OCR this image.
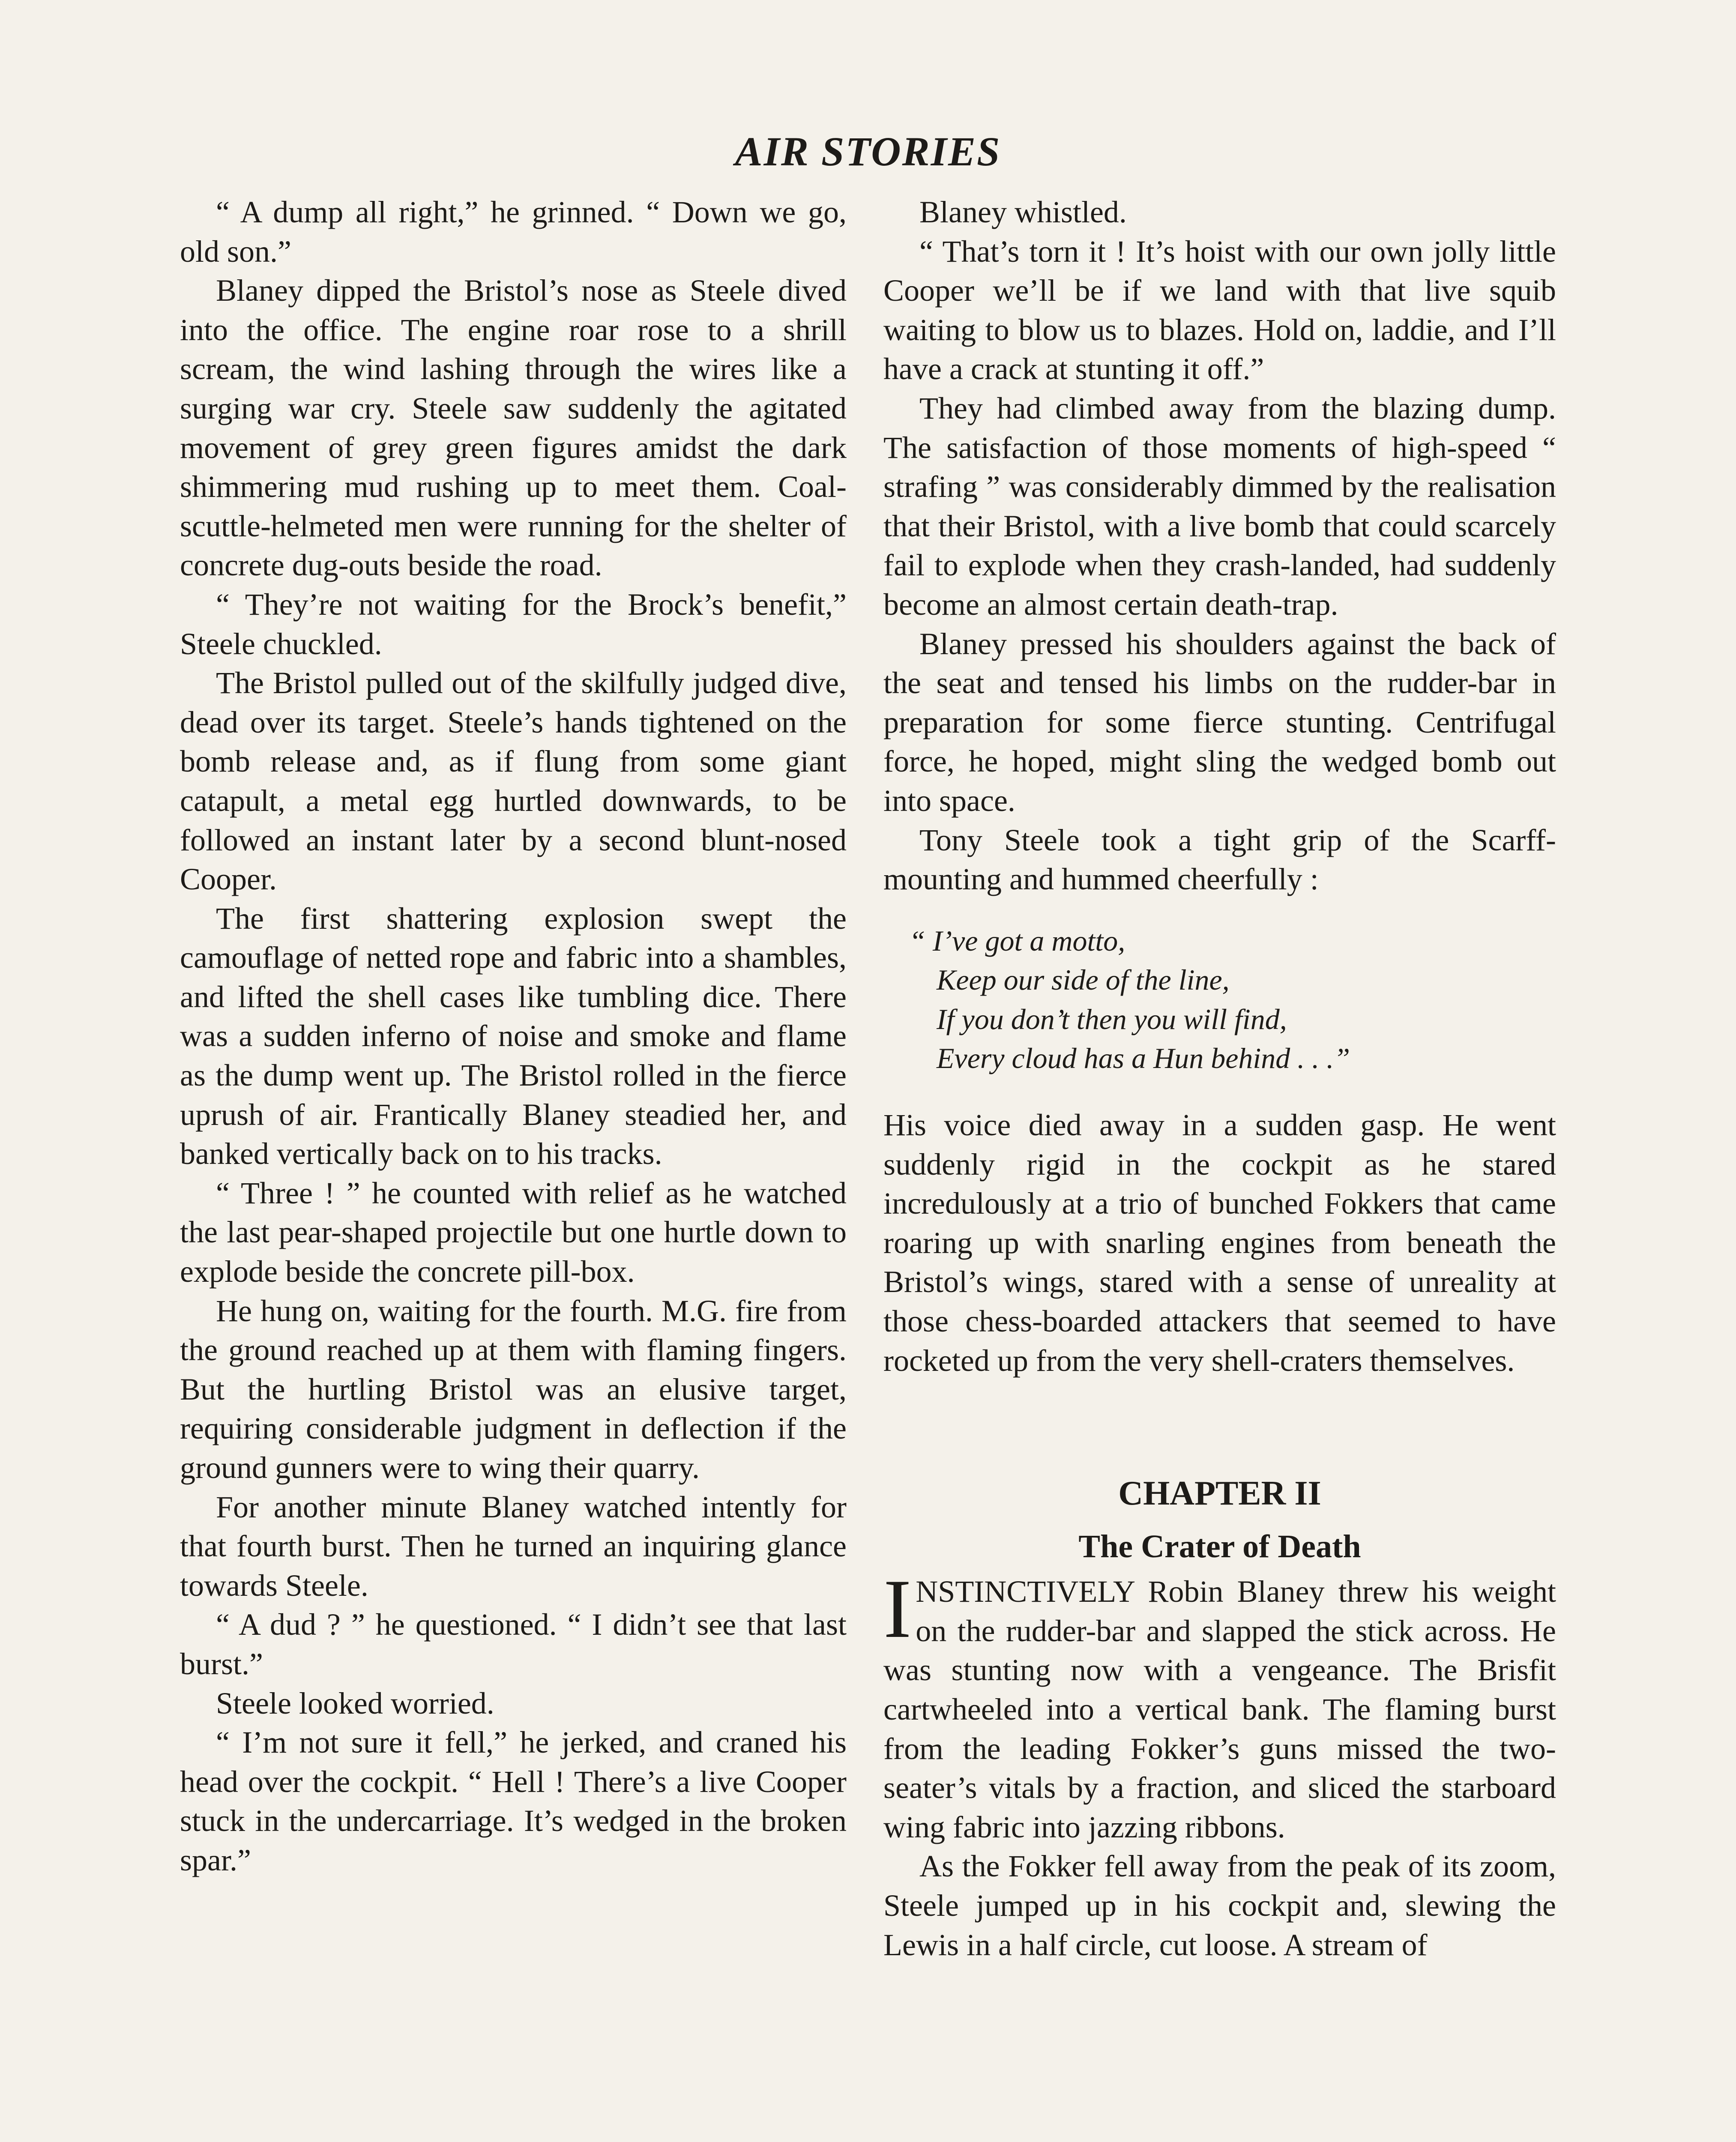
AIR STORIES

“ A dump all right,” he grinned. “ Down we go, old son.”

Blaney dipped the Bristol’s nose as Steele dived into the office. The engine roar rose to a shrill scream, the wind lashing through the wires like a surging war cry. Steele saw suddenly the agitated movement of grey green figures amidst the dark shimmering mud rushing up to meet them. Coal-scuttle-helmeted men were running for the shelter of concrete dug-outs beside the road.

“ They’re not waiting for the Brock’s benefit,” Steele chuckled.

The Bristol pulled out of the skilfully judged dive, dead over its target. Steele’s hands tightened on the bomb release and, as if flung from some giant catapult, a metal egg hurtled downwards, to be followed an instant later by a second blunt-nosed Cooper.

The first shattering explosion swept the camouflage of netted rope and fabric into a shambles, and lifted the shell cases like tumbling dice. There was a sudden inferno of noise and smoke and flame as the dump went up. The Bristol rolled in the fierce uprush of air. Frantically Blaney steadied her, and banked vertically back on to his tracks.

“ Three ! ” he counted with relief as he watched the last pear-shaped projectile but one hurtle down to explode beside the concrete pill-box.

He hung on, waiting for the fourth. M.G. fire from the ground reached up at them with flaming fingers. But the hurtling Bristol was an elusive target, requiring considerable judgment in deflection if the ground gunners were to wing their quarry.

For another minute Blaney watched intently for that fourth burst. Then he turned an inquiring glance towards Steele.

“ A dud ? ” he questioned. “ I didn’t see that last burst.”

Steele looked worried.

“ I’m not sure it fell,” he jerked, and craned his head over the cockpit. “ Hell ! There’s a live Cooper stuck in the undercarriage. It’s wedged in the broken spar.”

Blaney whistled.

“ That’s torn it ! It’s hoist with our own jolly little Cooper we’ll be if we land with that live squib waiting to blow us to blazes. Hold on, laddie, and I’ll have a crack at stunting it off.”

They had climbed away from the blazing dump. The satisfaction of those moments of high-speed “ strafing ” was considerably dimmed by the realisation that their Bristol, with a live bomb that could scarcely fail to explode when they crash-landed, had suddenly become an almost certain death-trap.

Blaney pressed his shoulders against the back of the seat and tensed his limbs on the rudder-bar in preparation for some fierce stunting. Centrifugal force, he hoped, might sling the wedged bomb out into space.

Tony Steele took a tight grip of the Scarff-mounting and hummed cheerfully :

“ I’ve got a motto,
Keep our side of the line,
If you don’t then you will find,
Every cloud has a Hun behind . . .”

His voice died away in a sudden gasp. He went suddenly rigid in the cockpit as he stared incredulously at a trio of bunched Fokkers that came roaring up with snarling engines from beneath the Bristol’s wings, stared with a sense of unreality at those chess-boarded attackers that seemed to have rocketed up from the very shell-craters themselves.

CHAPTER II
The Crater of Death

INSTINCTIVELY Robin Blaney threw his weight on the rudder-bar and slapped the stick across. He was stunting now with a vengeance. The Brisfit cartwheeled into a vertical bank. The flaming burst from the leading Fokker’s guns missed the two-seater’s vitals by a fraction, and sliced the starboard wing fabric into jazzing ribbons.

As the Fokker fell away from the peak of its zoom, Steele jumped up in his cockpit and, slewing the Lewis in a half circle, cut loose. A stream of
